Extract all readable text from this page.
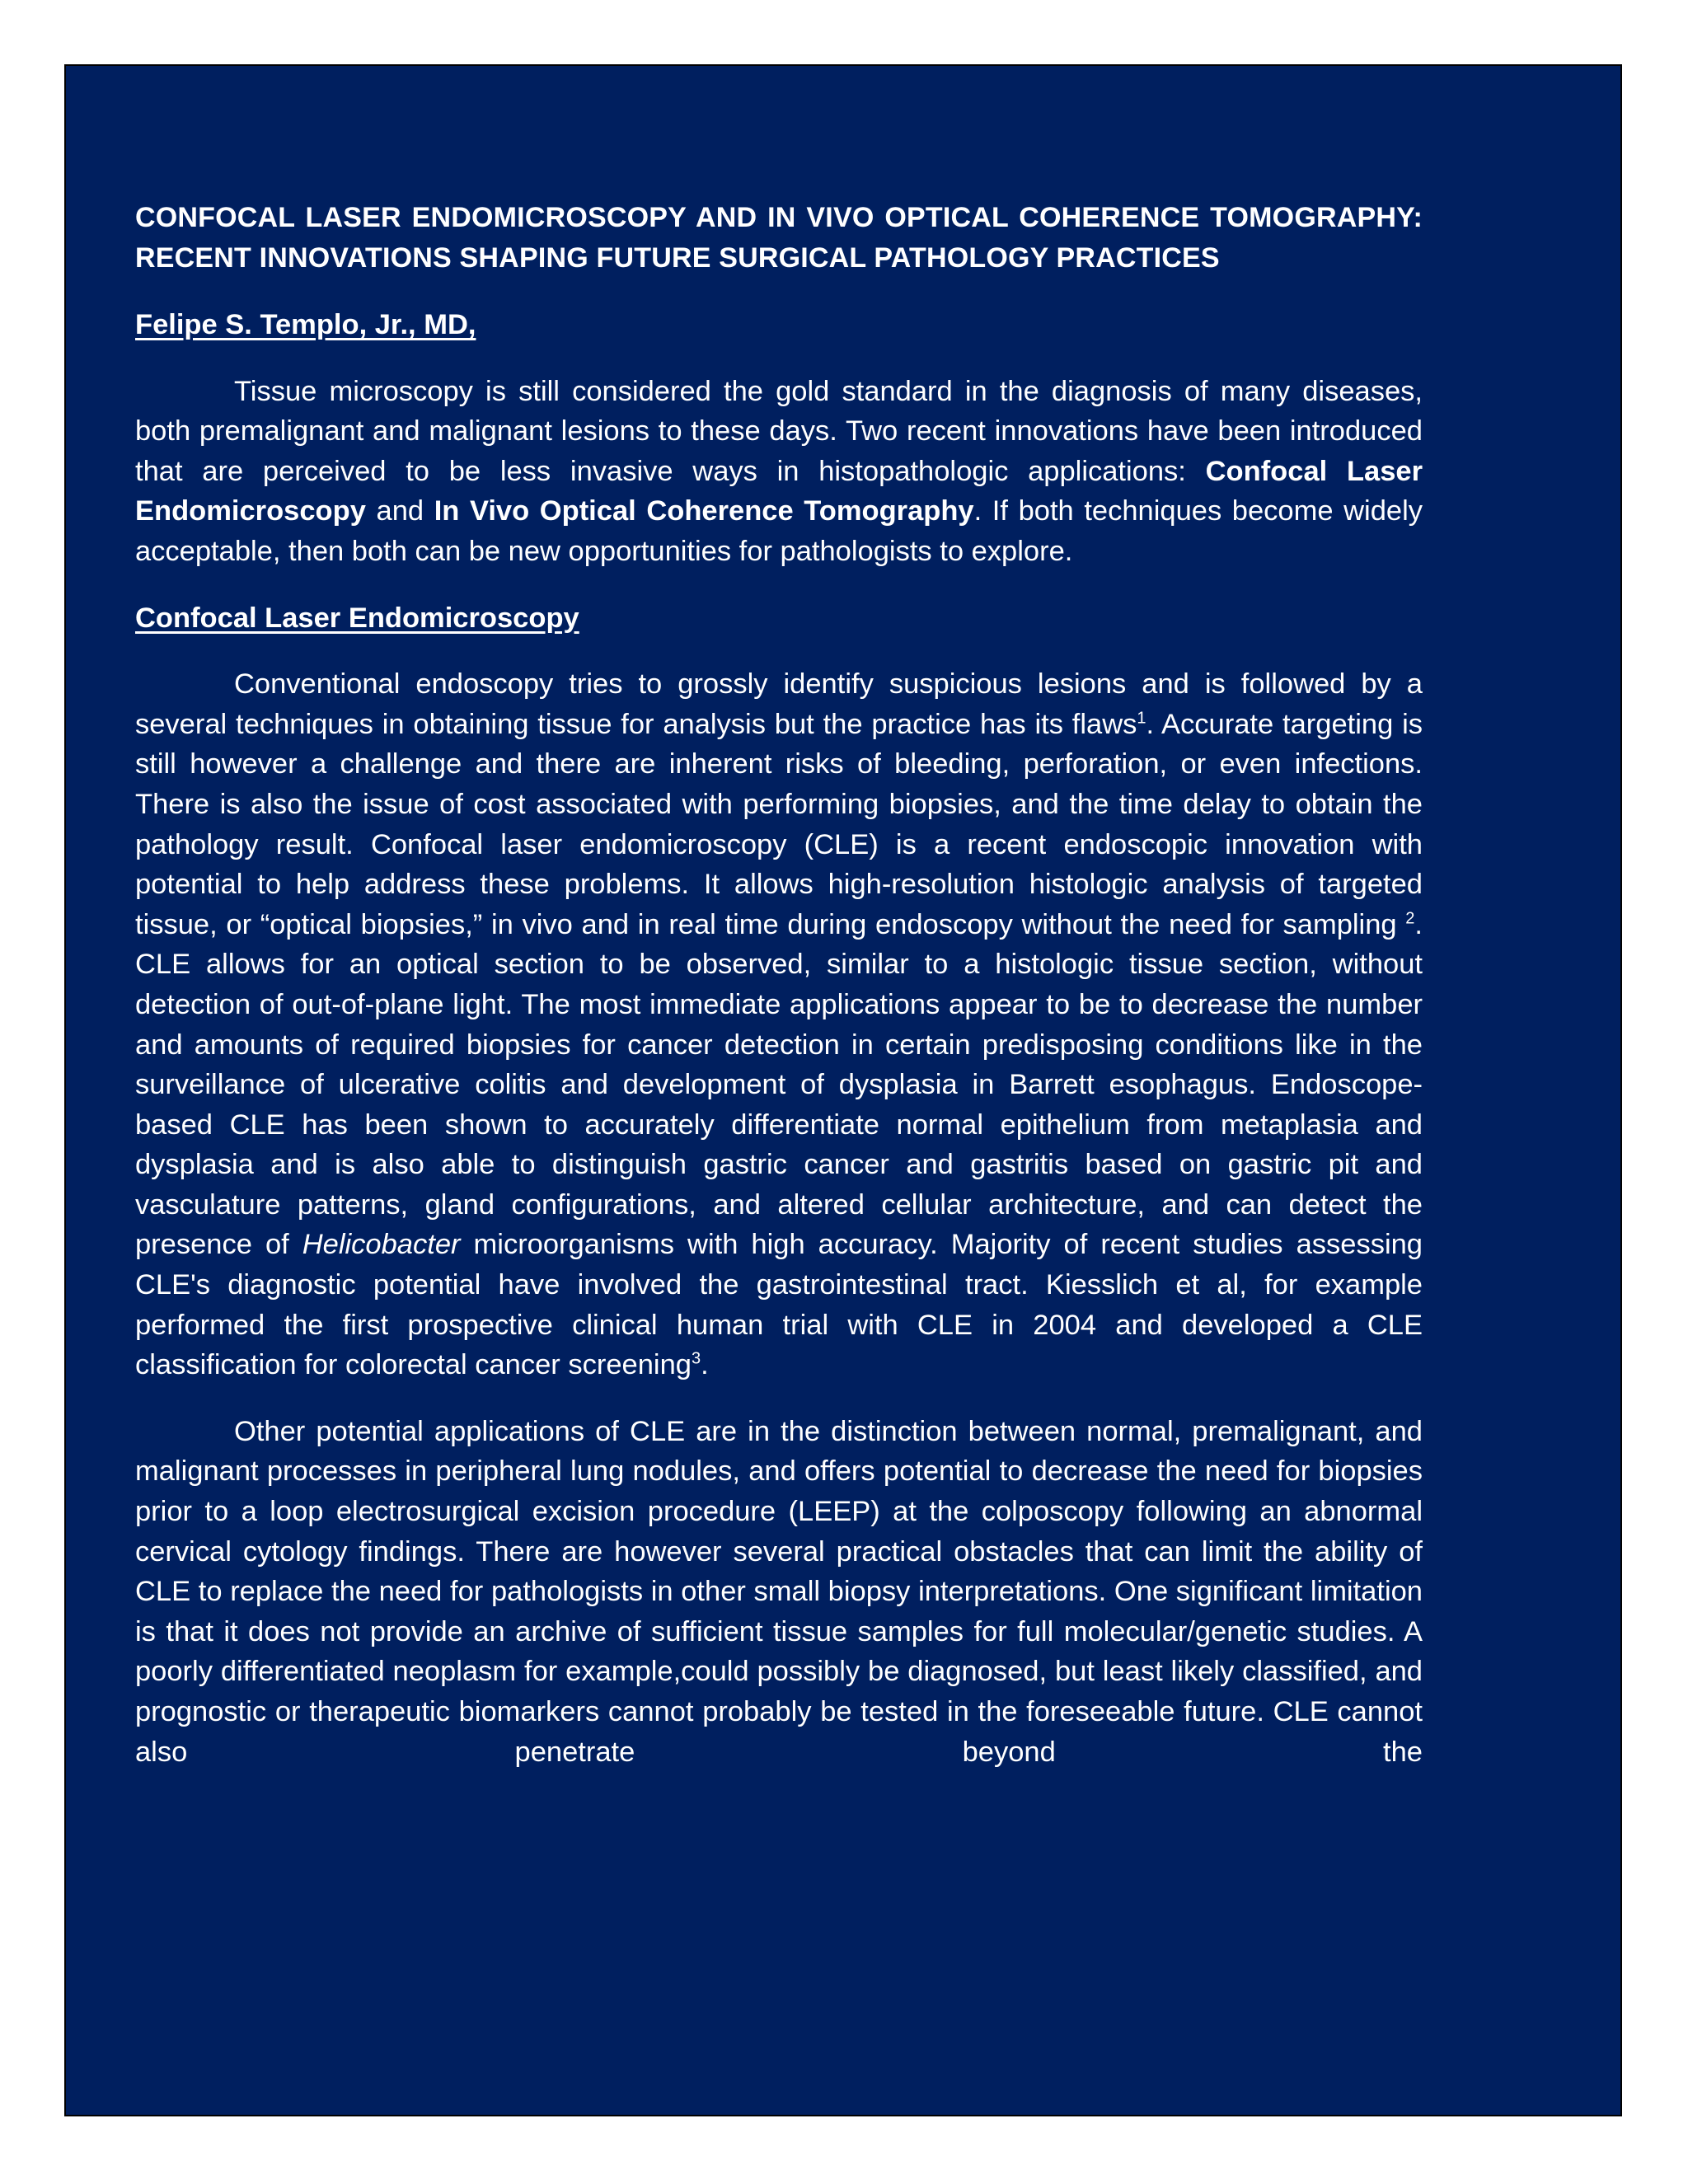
CONFOCAL LASER ENDOMICROSCOPY AND IN VIVO OPTICAL COHERENCE TOMOGRAPHY: RECENT INNOVATIONS SHAPING FUTURE SURGICAL PATHOLOGY PRACTICES
Felipe S. Templo, Jr., MD,

Tissue microscopy is still considered the gold standard in the diagnosis of many diseases, both premalignant and malignant lesions to these days. Two recent innovations have been introduced that are perceived to be less invasive ways in histopathologic applications: Confocal Laser Endomicroscopy and In Vivo Optical Coherence Tomography. If both techniques become widely acceptable, then both can be new opportunities for pathologists to explore.

Confocal Laser Endomicroscopy

Conventional endoscopy tries to grossly identify suspicious lesions and is followed by a several techniques in obtaining tissue for analysis but the practice has its flaws$^1$. Accurate targeting is still however a challenge and there are inherent risks of bleeding, perforation, or even infections. There is also the issue of cost associated with performing biopsies, and the time delay to obtain the pathology result. Confocal laser endomicroscopy (CLE) is a recent endoscopic innovation with potential to help address these problems. It allows high-resolution histologic analysis of targeted tissue, or “optical biopsies,” in vivo and in real time during endoscopy without the need for sampling $^2$. CLE allows for an optical section to be observed, similar to a histologic tissue section, without detection of out-of-plane light. The most immediate applications appear to be to decrease the number and amounts of required biopsies for cancer detection in certain predisposing conditions like in the surveillance of ulcerative colitis and development of dysplasia in Barrett esophagus. Endoscope-based CLE has been shown to accurately differentiate normal epithelium from metaplasia and dysplasia and is also able to distinguish gastric cancer and gastritis based on gastric pit and vasculature patterns, gland configurations, and altered cellular architecture, and can detect the presence of Helicobacter microorganisms with high accuracy. Majority of recent studies assessing CLE's diagnostic potential have involved the gastrointestinal tract. Kiesslich et al, for example performed the first prospective clinical human trial with CLE in 2004 and developed a CLE classification for colorectal cancer screening$^3$.

Other potential applications of CLE are in the distinction between normal, premalignant, and malignant processes in peripheral lung nodules, and offers potential to decrease the need for biopsies prior to a loop electrosurgical excision procedure (LEEP) at the colposcopy following an abnormal cervical cytology findings. There are however several practical obstacles that can limit the ability of CLE to replace the need for pathologists in other small biopsy interpretations. One significant limitation is that it does not provide an archive of sufficient tissue samples for full molecular/genetic studies. A poorly differentiated neoplasm for example,could possibly be diagnosed, but least likely classified, and prognostic or therapeutic biomarkers cannot probably be tested in the foreseeable future. CLE cannot also penetrate beyond the
